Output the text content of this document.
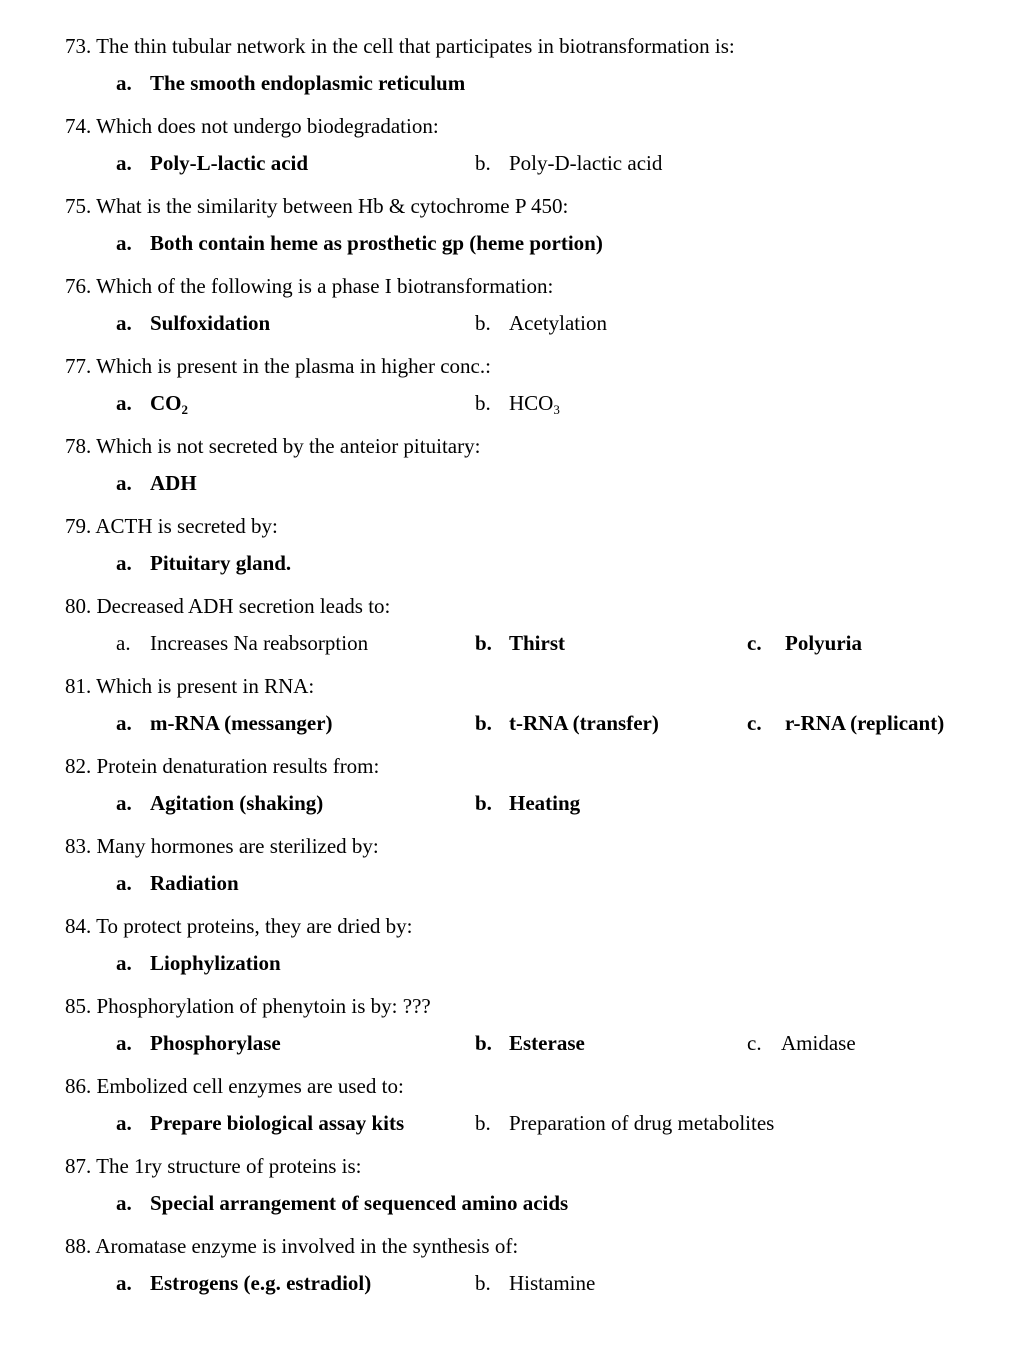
73. The thin tubular network in the cell that participates in biotransformation is:
a. The smooth endoplasmic reticulum
74. Which does not undergo biodegradation:
a. Poly-L-lactic acid	b. Poly-D-lactic acid
75. What is the similarity between Hb & cytochrome P 450:
a. Both contain heme as prosthetic gp (heme portion)
76. Which of the following is a phase I biotransformation:
a. Sulfoxidation	b. Acetylation
77. Which is present in the plasma in higher conc.:
a. $CO_2$	b. $HCO_3$
78. Which is not secreted by the anteior pituitary:
a. ADH
79. ACTH is secreted by:
a. Pituitary gland.
80. Decreased ADH secretion leads to:
a. Increases Na reabsorption	b. Thirst	c. Polyuria
81. Which is present in RNA:
a. m-RNA (messanger)	b. t-RNA (transfer)	c. r-RNA (replicant)
82. Protein denaturation results from:
a. Agitation (shaking)	b. Heating
83. Many hormones are sterilized by:
a. Radiation
84. To protect proteins, they are dried by:
a. Liophylization
85. Phosphorylation of phenytoin is by: ???
a. Phosphorylase	b. Esterase	c. Amidase
86. Embolized cell enzymes are used to:
a. Prepare biological assay kits	b. Preparation of drug metabolites
87. The 1ry structure of proteins is:
a. Special arrangement of sequenced amino acids
88. Aromatase enzyme is involved in the synthesis of:
a. Estrogens (e.g. estradiol)	b. Histamine
